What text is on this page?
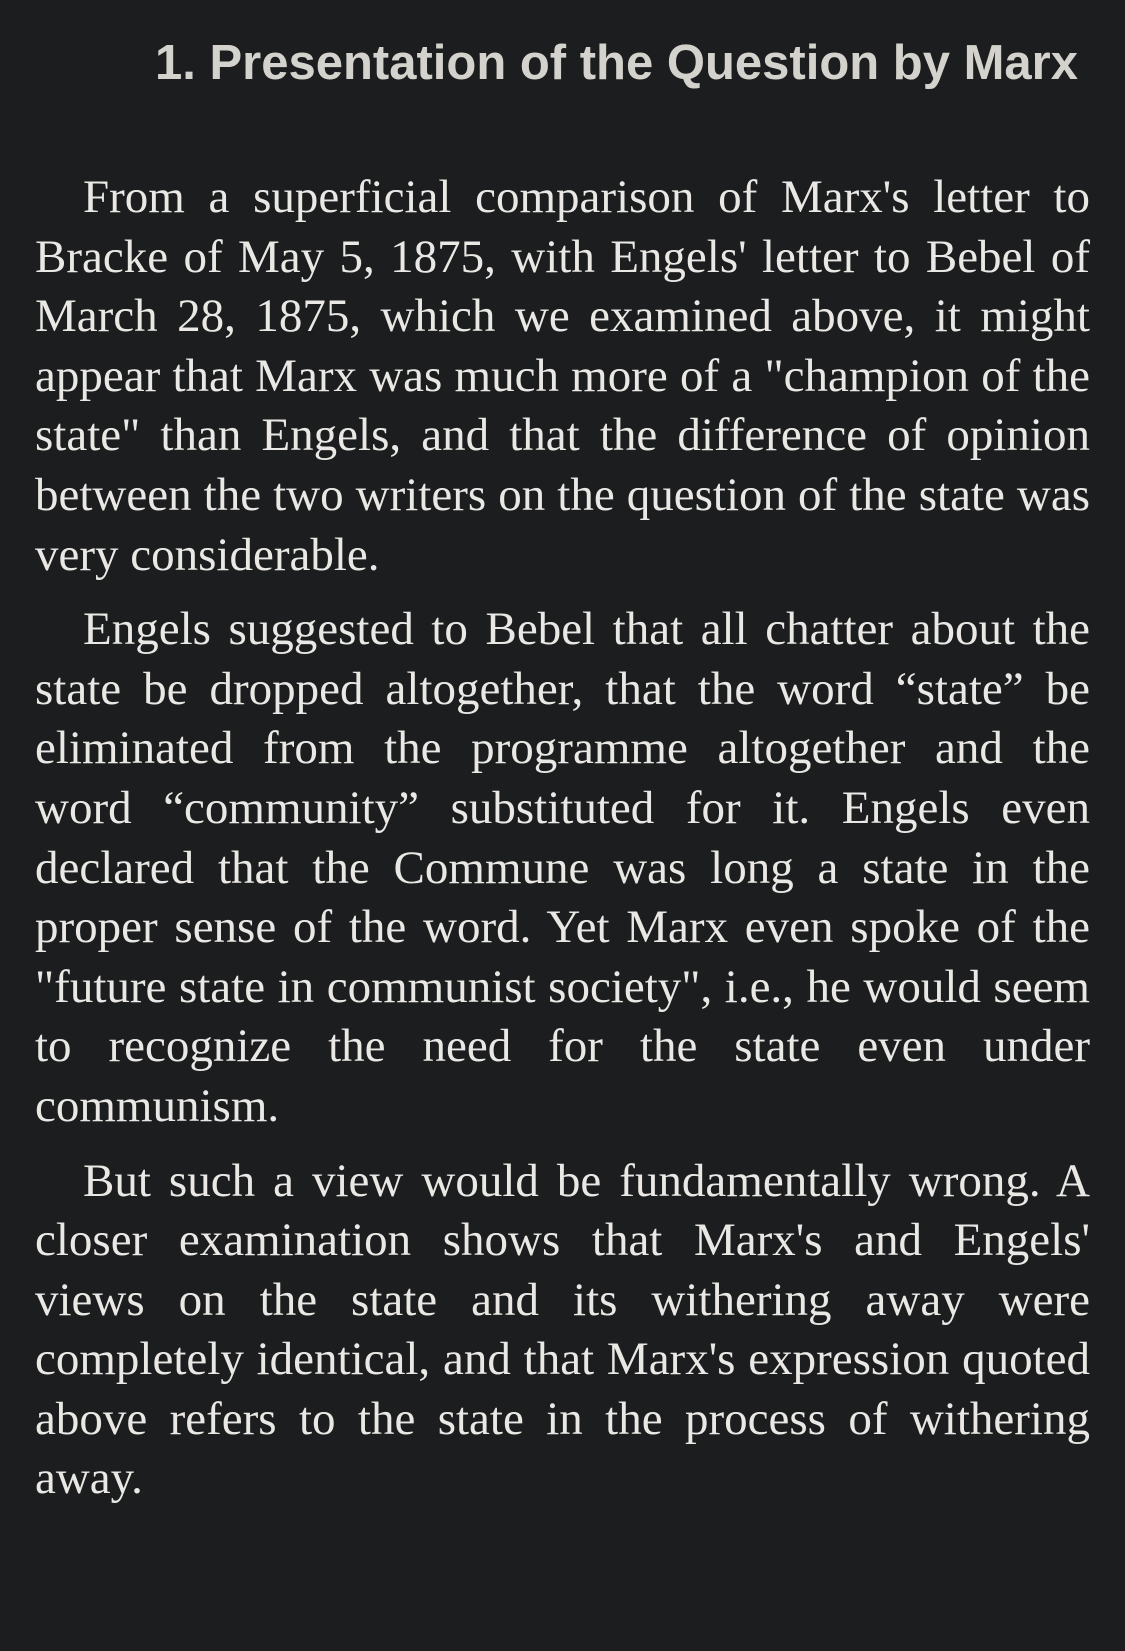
1. Presentation of the Question by Marx

From a superficial comparison of Marx's letter to Bracke of May 5, 1875, with Engels' letter to Bebel of March 28, 1875, which we examined above, it might appear that Marx was much more of a "champion of the state" than Engels, and that the difference of opinion between the two writers on the question of the state was very considerable.

Engels suggested to Bebel that all chatter about the state be dropped altogether, that the word “state” be eliminated from the programme altogether and the word “community” substituted for it. Engels even declared that the Commune was long a state in the proper sense of the word. Yet Marx even spoke of the "future state in communist society", i.e., he would seem to recognize the need for the state even under communism.

But such a view would be fundamentally wrong. A closer examination shows that Marx's and Engels' views on the state and its withering away were completely identical, and that Marx's expression quoted above refers to the state in the process of withering away.
